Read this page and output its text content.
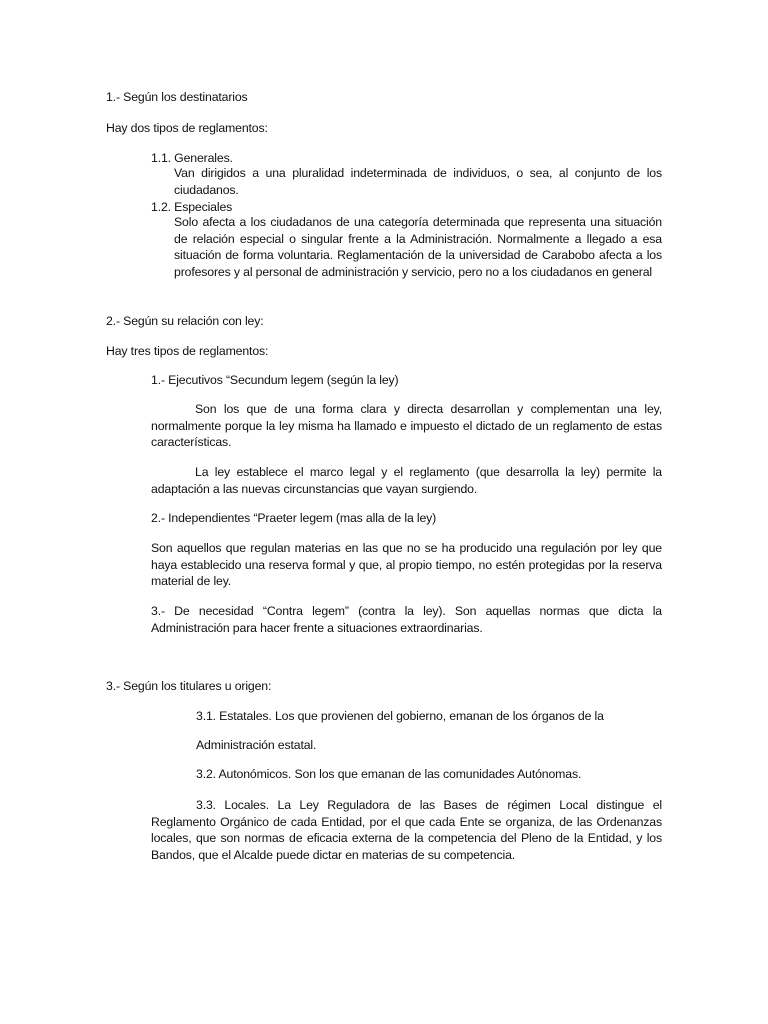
1.- Según los destinatarios
Hay dos tipos de reglamentos:
1.1. Generales.
Van dirigidos a una pluralidad indeterminada de individuos, o sea, al conjunto de los ciudadanos.
1.2. Especiales
Solo afecta a los ciudadanos de una categoría determinada que representa una situación de relación especial o singular frente a la Administración. Normalmente a llegado a esa situación de forma voluntaria. Reglamentación de la universidad de Carabobo afecta a los profesores y al personal de administración y servicio, pero no a los ciudadanos en general
2.- Según su relación con ley:
Hay tres tipos de reglamentos:
1.- Ejecutivos “Secundum legem (según la ley)
Son los que de una forma clara y directa desarrollan y complementan una ley, normalmente porque la ley misma ha llamado e impuesto el dictado de un reglamento de estas características.
La ley establece el marco legal y el reglamento (que desarrolla la ley) permite la adaptación a las nuevas circunstancias que vayan surgiendo.
2.- Independientes “Praeter legem (mas alla de la ley)
Son aquellos que regulan materias en las que no se ha producido una regulación por ley que haya establecido una reserva formal y que, al propio tiempo, no estén protegidas por la reserva material de ley.
3.- De necesidad “Contra legem” (contra la ley). Son aquellas normas que dicta la Administración para hacer frente a situaciones extraordinarias.
3.- Según los titulares u origen:
3.1. Estatales. Los que provienen del gobierno, emanan de los órganos de la
Administración estatal.
3.2. Autonómicos. Son los que emanan de las comunidades Autónomas.
3.3. Locales. La Ley Reguladora de las Bases de régimen Local distingue el Reglamento Orgánico de cada Entidad, por el que cada Ente se organiza, de las Ordenanzas locales, que son normas de eficacia externa de la competencia del Pleno de la Entidad, y los Bandos, que el Alcalde puede dictar en materias de su competencia.
